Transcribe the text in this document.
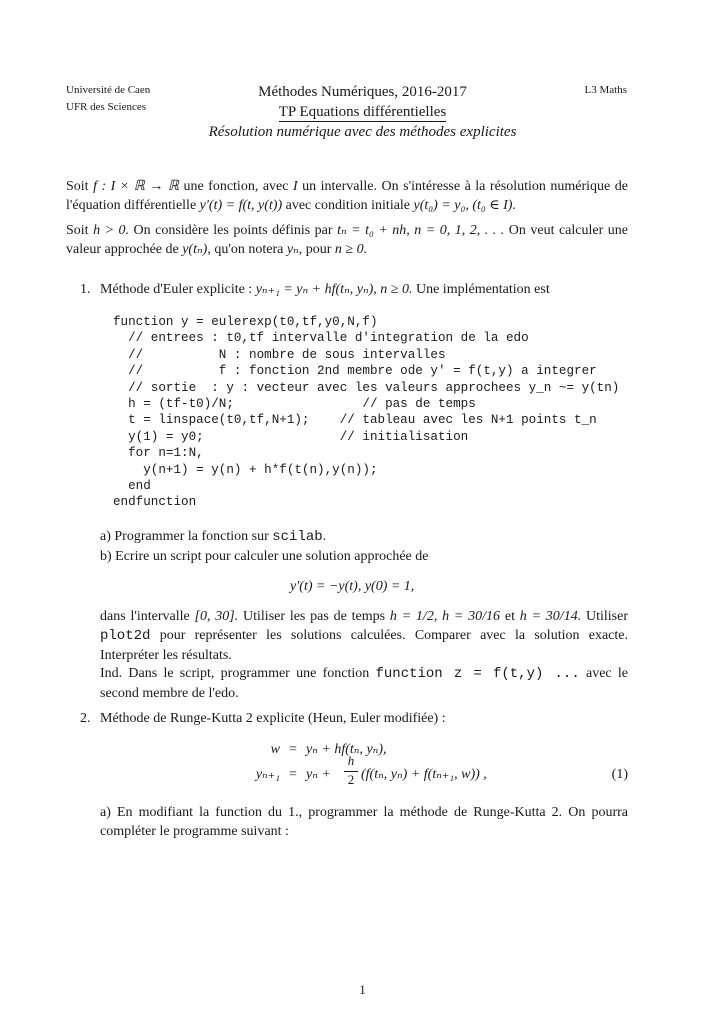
Université de Caen
UFR des Sciences
L3 Maths
Méthodes Numériques, 2016-2017
TP Equations différentielles
Résolution numérique avec des méthodes explicites
Soit f : I × ℝ → ℝ une fonction, avec I un intervalle. On s'intéresse à la résolution numérique de l'équation différentielle y′(t) = f(t, y(t)) avec condition initiale y(t₀) = y₀, (t₀ ∈ I).
Soit h > 0. On considère les points définis par tₙ = t₀ + nh, n = 0, 1, 2, . . . On veut calculer une valeur approchée de y(tₙ), qu'on notera yₙ, pour n ≥ 0.
1. Méthode d'Euler explicite : yₙ₊₁ = yₙ + hf(tₙ, yₙ), n ≥ 0. Une implémentation est
function y = eulerexp(t0,tf,y0,N,f)
// entrees : t0,tf intervalle d'integration de la edo
//          N : nombre de sous intervalles
//          f : fonction 2nd membre ode y' = f(t,y) a integrer
// sortie  : y : vecteur avec les valeurs approchees y_n ~= y(tn)
h = (tf-t0)/N;                 // pas de temps
t = linspace(t0,tf,N+1);    // tableau avec les N+1 points t_n
y(1) = y0;                  // initialisation
for n=1:N,
y(n+1) = y(n) + h*f(t(n),y(n));
end
endfunction
a) Programmer la fonction sur scilab.
b) Ecrire un script pour calculer une solution approchée de
y′(t) = −y(t), y(0) = 1,
dans l'intervalle [0, 30]. Utiliser les pas de temps h = 1/2, h = 30/16 et h = 30/14. Utiliser plot2d pour représenter les solutions calculées. Comparer avec la solution exacte. Interpréter les résultats.
Ind. Dans le script, programmer une fonction function z = f(t,y) ... avec le second membre de l'edo.
2. Méthode de Runge-Kutta 2 explicite (Heun, Euler modifiée) :
w = yₙ + hf(tₙ, yₙ),
yₙ₊₁ = yₙ +
h
2 (f(tₙ, yₙ) + f(tₙ₊₁, w)) ,	(1)
a) En modifiant la function du 1., programmer la méthode de Runge-Kutta 2. On pourra compléter le programme suivant :
1
